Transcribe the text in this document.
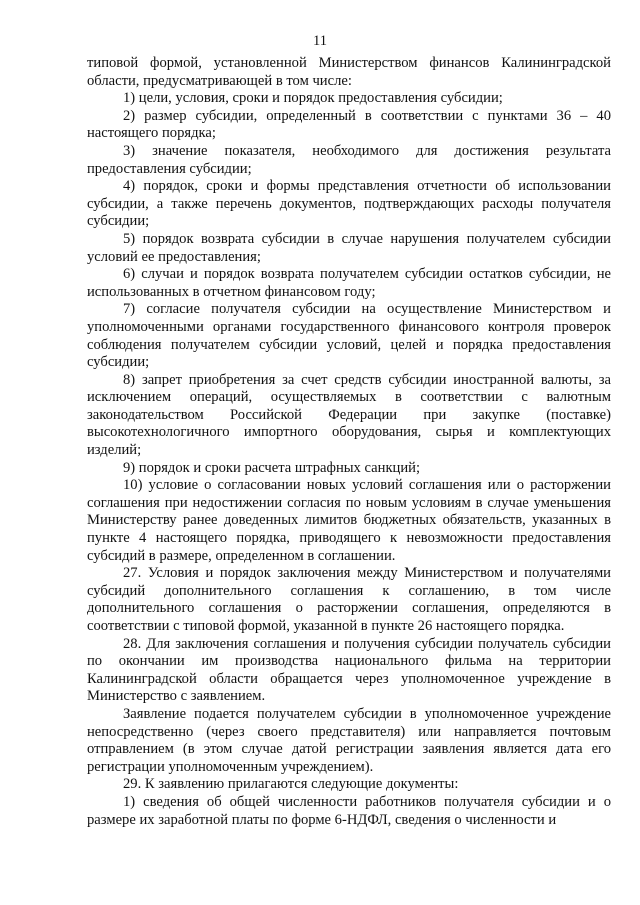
11

типовой формой, установленной Министерством финансов Калининградской области, предусматривающей в том числе:

1) цели, условия, сроки и порядок предоставления субсидии;

2) размер субсидии, определенный в соответствии с пунктами 36 – 40 настоящего порядка;

3) значение показателя, необходимого для достижения результата предоставления субсидии;

4) порядок, сроки и формы представления отчетности об использовании субсидии, а также перечень документов, подтверждающих расходы получателя субсидии;

5) порядок возврата субсидии в случае нарушения получателем субсидии условий ее предоставления;

6) случаи и порядок возврата получателем субсидии остатков субсидии, не использованных в отчетном финансовом году;

7) согласие получателя субсидии на осуществление Министерством и уполномоченными органами государственного финансового контроля проверок соблюдения получателем субсидии условий, целей и порядка предоставления субсидии;

8) запрет приобретения за счет средств субсидии иностранной валюты, за исключением операций, осуществляемых в соответствии с валютным законодательством Российской Федерации при закупке (поставке) высокотехнологичного импортного оборудования, сырья и комплектующих изделий;

9) порядок и сроки расчета штрафных санкций;

10) условие о согласовании новых условий соглашения или о расторжении соглашения при недостижении согласия по новым условиям в случае уменьшения Министерству ранее доведенных лимитов бюджетных обязательств, указанных в пункте 4 настоящего порядка, приводящего к невозможности предоставления субсидий в размере, определенном в соглашении.

27. Условия и порядок заключения между Министерством и получателями субсидий дополнительного соглашения к соглашению, в том числе дополнительного соглашения о расторжении соглашения, определяются в соответствии с типовой формой, указанной в пункте 26 настоящего порядка.

28. Для заключения соглашения и получения субсидии получатель субсидии по окончании им производства национального фильма на территории Калининградской области обращается через уполномоченное учреждение в Министерство с заявлением.

Заявление подается получателем субсидии в уполномоченное учреждение непосредственно (через своего представителя) или направляется почтовым отправлением (в этом случае датой регистрации заявления является дата его регистрации уполномоченным учреждением).

29. К заявлению прилагаются следующие документы:

1) сведения об общей численности работников получателя субсидии и о размере их заработной платы по форме 6-НДФЛ, сведения о численности и
